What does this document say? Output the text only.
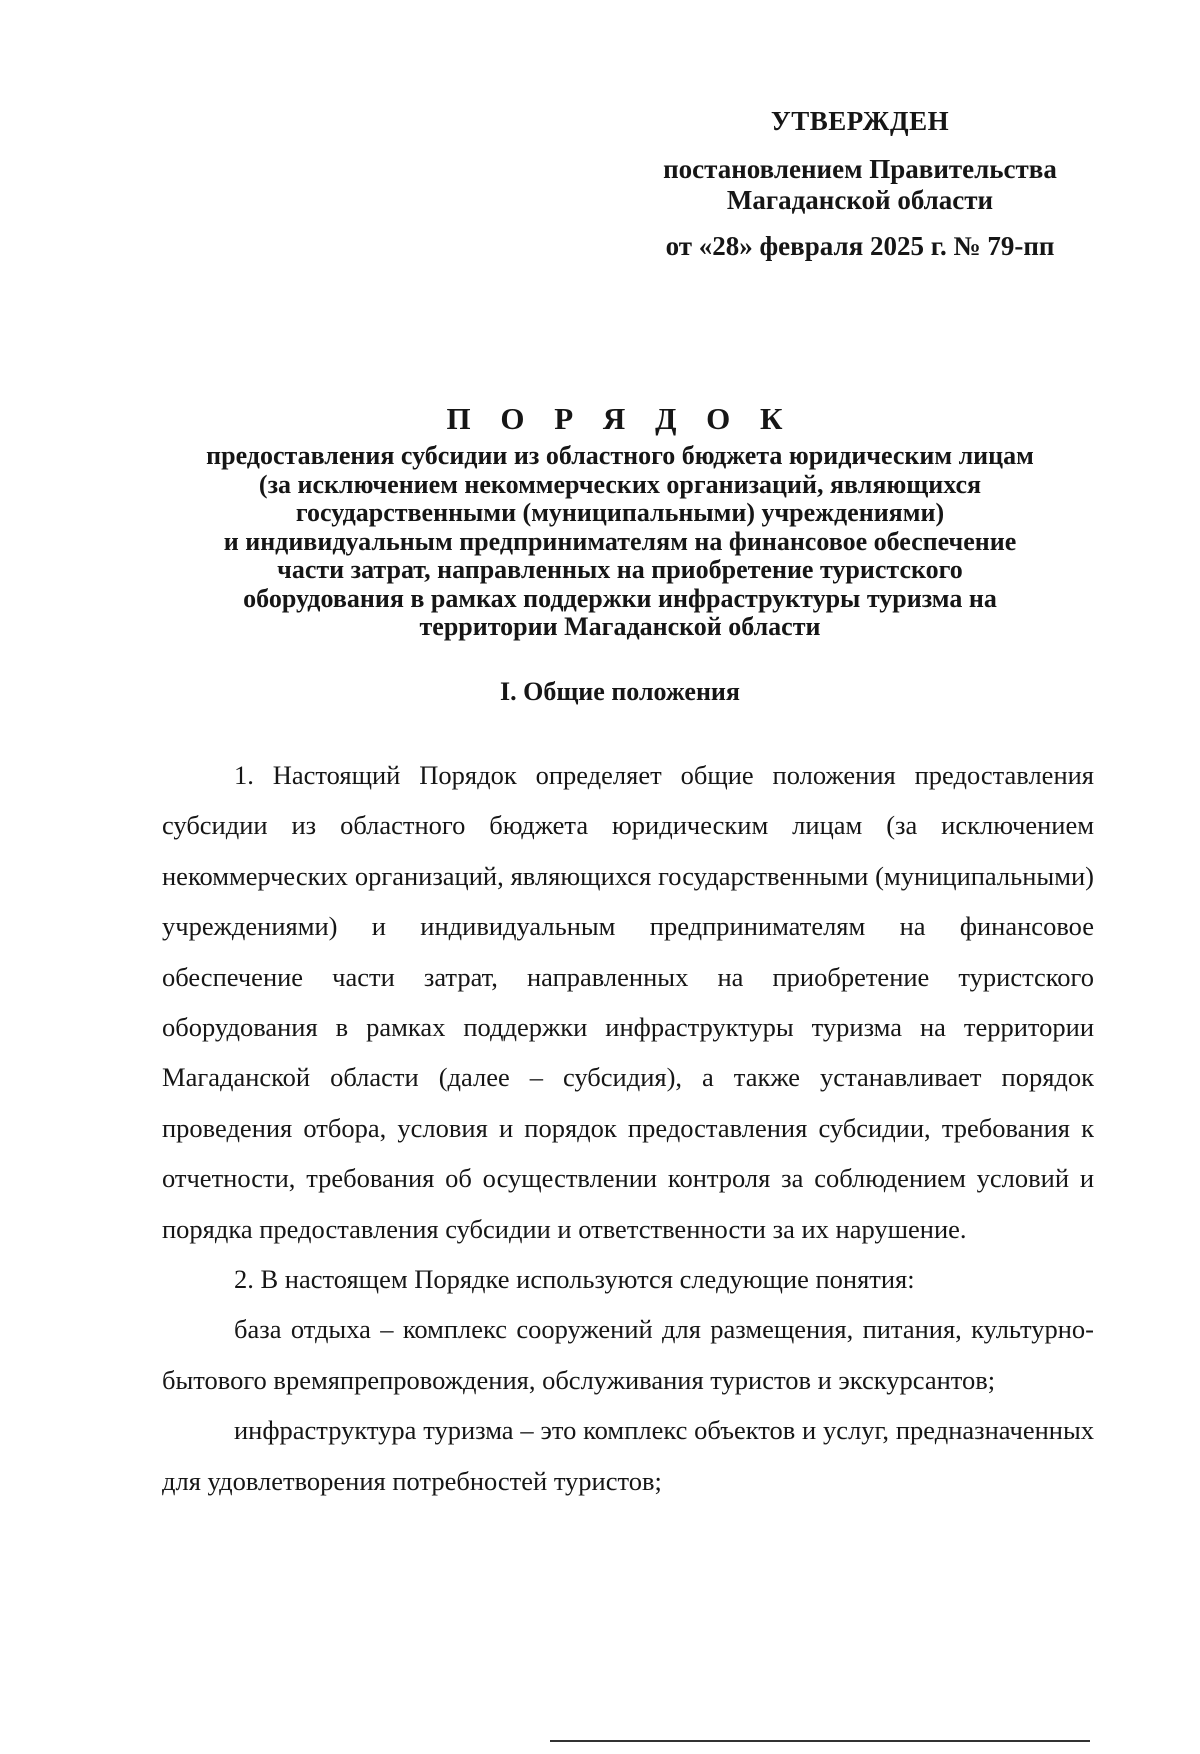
УТВЕРЖДЕН
постановлением Правительства
Магаданской области
от «28» февраля 2025 г. № 79-пп
П О Р Я Д О К
предоставления субсидии из областного бюджета юридическим лицам
(за исключением некоммерческих организаций, являющихся
государственными (муниципальными) учреждениями)
и индивидуальным предпринимателям на финансовое обеспечение
части затрат, направленных на приобретение туристского
оборудования в рамках поддержки инфраструктуры туризма на
территории Магаданской области
I. Общие положения

1. Настоящий Порядок определяет общие положения предоставления субсидии из областного бюджета юридическим лицам (за исключением некоммерческих организаций, являющихся государственными (муниципальными) учреждениями) и индивидуальным предпринимателям на финансовое обеспечение части затрат, направленных на приобретение туристского оборудования в рамках поддержки инфраструктуры туризма на территории Магаданской области (далее – субсидия), а также устанавливает порядок проведения отбора, условия и порядок предоставления субсидии, требования к отчетности, требования об осуществлении контроля за соблюдением условий и порядка предоставления субсидии и ответственности за их нарушение.

2. В настоящем Порядке используются следующие понятия:

база отдыха – комплекс сооружений для размещения, питания, культурно-бытового времяпрепровождения, обслуживания туристов и экскурсантов;

инфраструктура туризма – это комплекс объектов и услуг, предназначенных для удовлетворения потребностей туристов;
